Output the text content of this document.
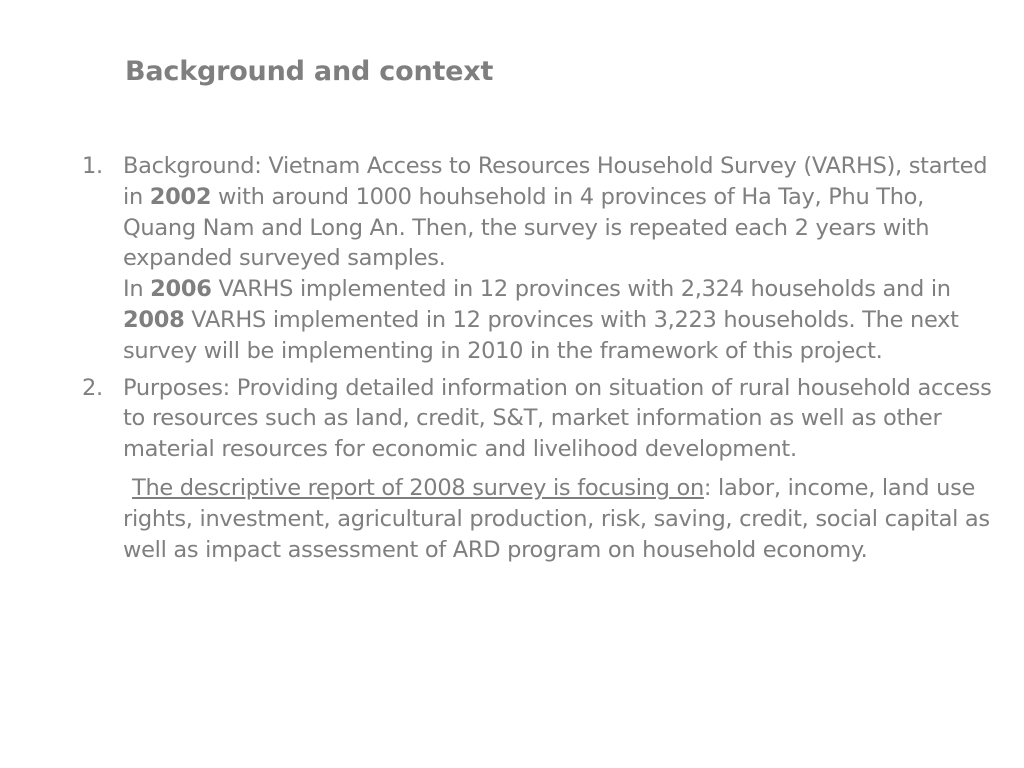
Background and context
1. Background: Vietnam Access to Resources Household Survey (VARHS), started in 2002 with around 1000 houhsehold in 4 provinces of Ha Tay, Phu Tho, Quang Nam and Long An. Then, the survey is repeated each 2 years with expanded surveyed samples.

In 2006 VARHS implemented in 12 provinces with 2,324 households and in 2008 VARHS implemented in 12 provinces with 3,223 households. The next survey will be implementing in 2010 in the framework of this project.

2. Purposes: Providing detailed information on situation of rural household access to resources such as land, credit, S&T, market information as well as other material resources for economic and livelihood development.

The descriptive report of 2008 survey is focusing on: labor, income, land use rights, investment, agricultural production, risk, saving, credit, social capital as well as impact assessment of ARD program on household economy.
